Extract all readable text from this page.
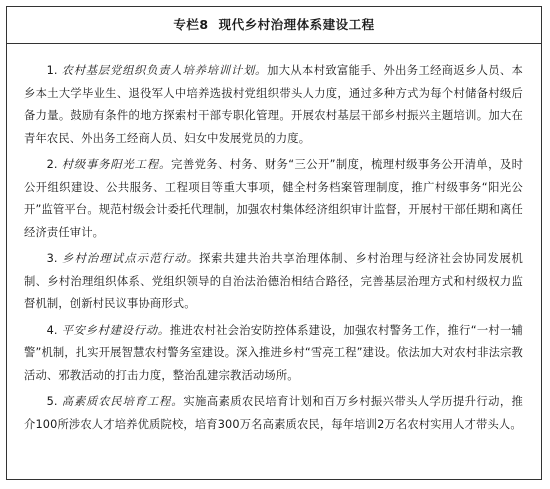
专栏8 现代乡村治理体系建设工程

1. 农村基层党组织负责人培养培训计划。加大从本村致富能手、外出务工经商返乡人员、本乡本土大学毕业生、退役军人中培养选拔村党组织带头人力度，通过多种方式为每个村储备村级后备力量。鼓励有条件的地方探索村干部专职化管理。开展农村基层干部乡村振兴主题培训。加大在青年农民、外出务工经商人员、妇女中发展党员的力度。

2. 村级事务阳光工程。完善党务、村务、财务“三公开”制度，梳理村级事务公开清单，及时公开组织建设、公共服务、工程项目等重大事项，健全村务档案管理制度，推广村级事务“阳光公开”监管平台。规范村级会计委托代理制，加强农村集体经济组织审计监督，开展村干部任期和离任经济责任审计。

3. 乡村治理试点示范行动。探索共建共治共享治理体制、乡村治理与经济社会协同发展机制、乡村治理组织体系、党组织领导的自治法治德治相结合路径，完善基层治理方式和村级权力监督机制，创新村民议事协商形式。

4. 平安乡村建设行动。推进农村社会治安防控体系建设，加强农村警务工作，推行“一村一辅警”机制，扎实开展智慧农村警务室建设。深入推进乡村“雪亮工程”建设。依法加大对农村非法宗教活动、邪教活动的打击力度，整治乱建宗教活动场所。

5. 高素质农民培育工程。实施高素质农民培育计划和百万乡村振兴带头人学历提升行动，推介100所涉农人才培养优质院校，培育300万名高素质农民，每年培训2万名农村实用人才带头人。
